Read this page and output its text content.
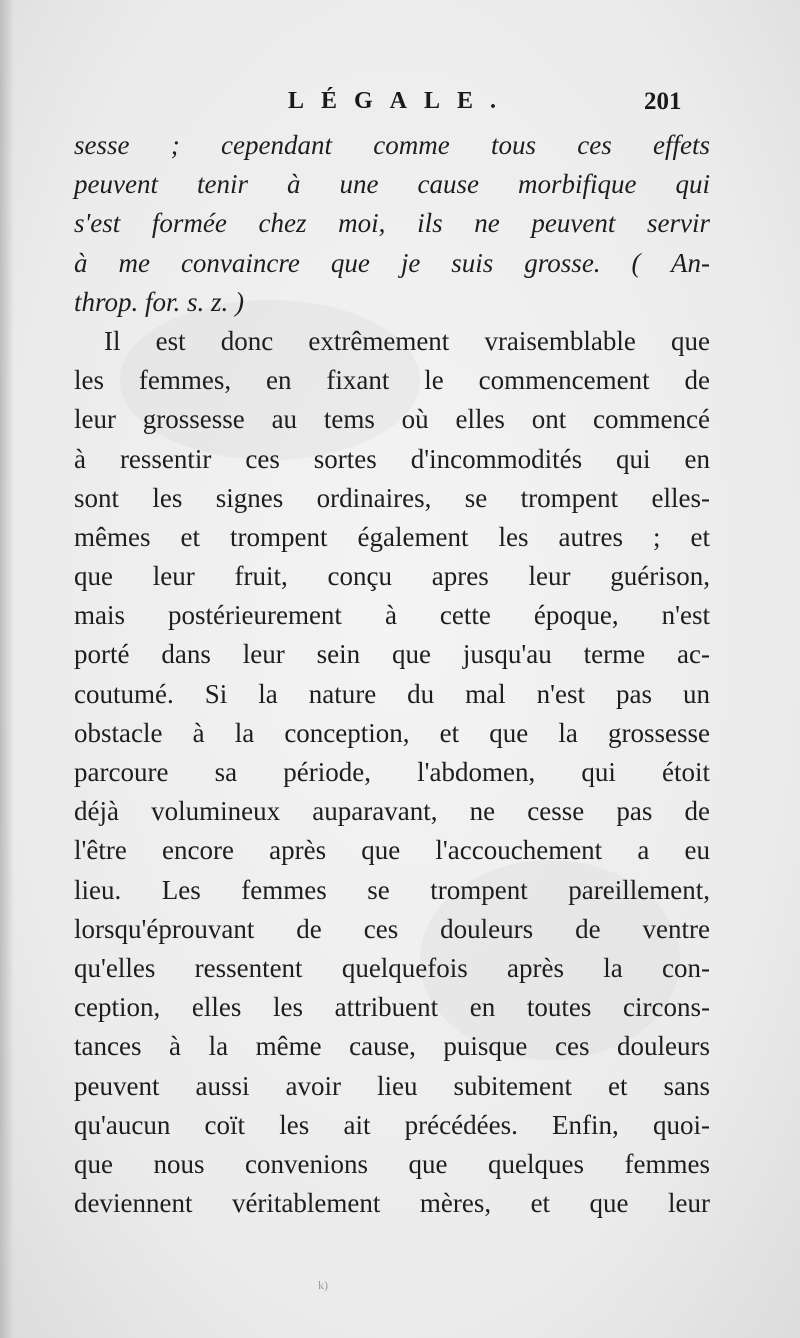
LÉGALE.	201
sesse ; cependant comme tous ces effets
peuvent tenir à une cause morbifique qui
s'est formée chez moi, ils ne peuvent servir
à me convaincre que je suis grosse. ( An-
throp. for. s. z. )
Il est donc extrêmement vraisemblable que
les femmes, en fixant le commencement de
leur grossesse au tems où elles ont commencé
à ressentir ces sortes d'incommodités qui en
sont les signes ordinaires, se trompent elles-
mêmes et trompent également les autres ; et
que leur fruit, conçu apres leur guérison,
mais postérieurement à cette époque, n'est
porté dans leur sein que jusqu'au terme ac-
coutumé. Si la nature du mal n'est pas un
obstacle à la conception, et que la grossesse
parcoure sa période, l'abdomen, qui étoit
déjà volumineux auparavant, ne cesse pas de
l'être encore après que l'accouchement a eu
lieu. Les femmes se trompent pareillement,
lorsqu'éprouvant de ces douleurs de ventre
qu'elles ressentent quelquefois après la con-
ception, elles les attribuent en toutes circons-
tances à la même cause, puisque ces douleurs
peuvent aussi avoir lieu subitement et sans
qu'aucun coït les ait précédées. Enfin, quoi-
que nous convenions que quelques femmes
deviennent véritablement mères, et que leur
k)
